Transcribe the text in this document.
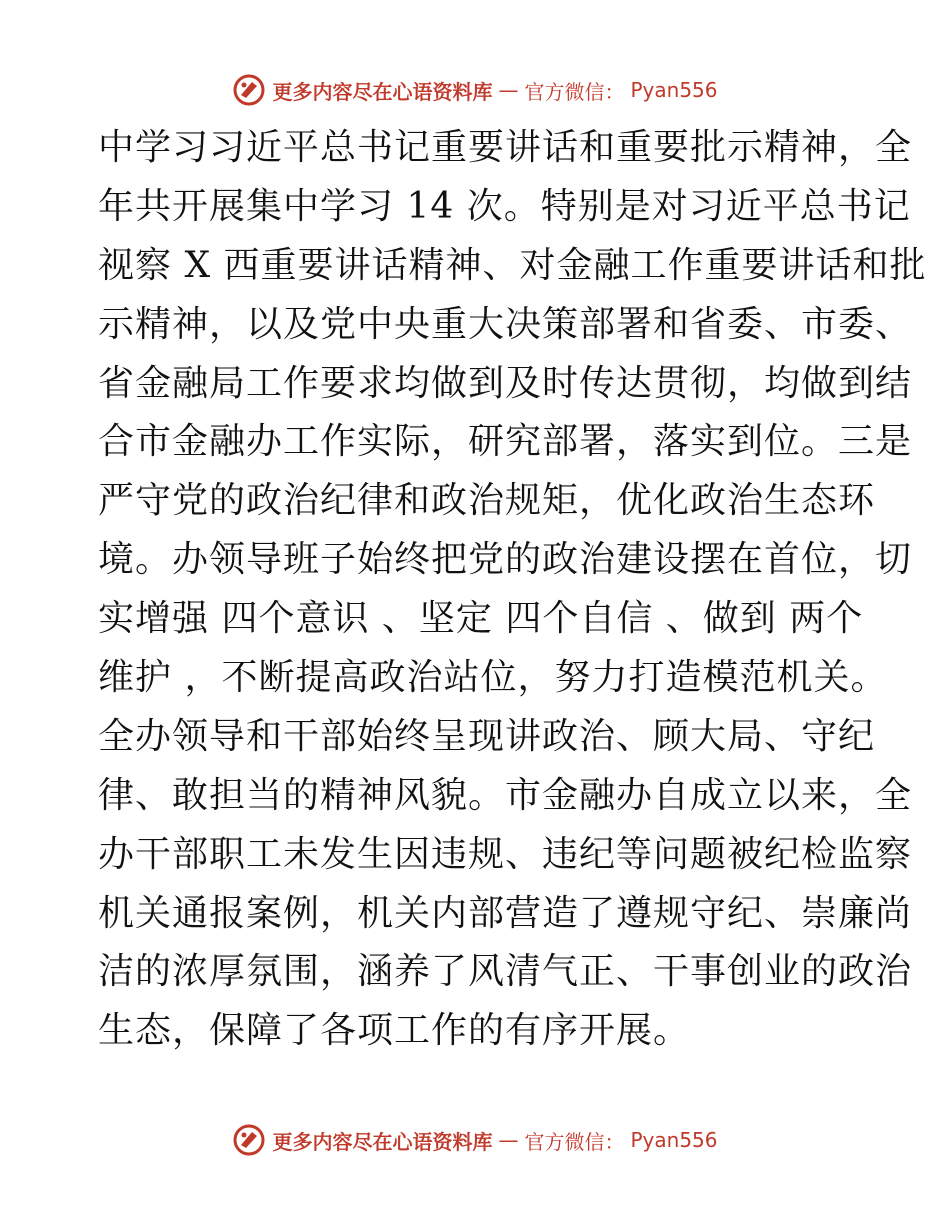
更多内容尽在心语资料库 — 官方微信： Pyan556
中学习习近平总书记重要讲话和重要批示精神，全
年共开展集中学习 14 次。特别是对习近平总书记
视察 X 西重要讲话精神、对金融工作重要讲话和批
示精神，以及党中央重大决策部署和省委、市委、
省金融局工作要求均做到及时传达贯彻，均做到结
合市金融办工作实际，研究部署，落实到位。三是
严守党的政治纪律和政治规矩，优化政治生态环
境。办领导班子始终把党的政治建设摆在首位，切
实增强 四个意识 、坚定 四个自信 、做到 两个
维护 ，不断提高政治站位，努力打造模范机关。
全办领导和干部始终呈现讲政治、顾大局、守纪
律、敢担当的精神风貌。市金融办自成立以来，全
办干部职工未发生因违规、违纪等问题被纪检监察
机关通报案例，机关内部营造了遵规守纪、崇廉尚
洁的浓厚氛围，涵养了风清气正、干事创业的政治
生态，保障了各项工作的有序开展。
更多内容尽在心语资料库 — 官方微信： Pyan556
